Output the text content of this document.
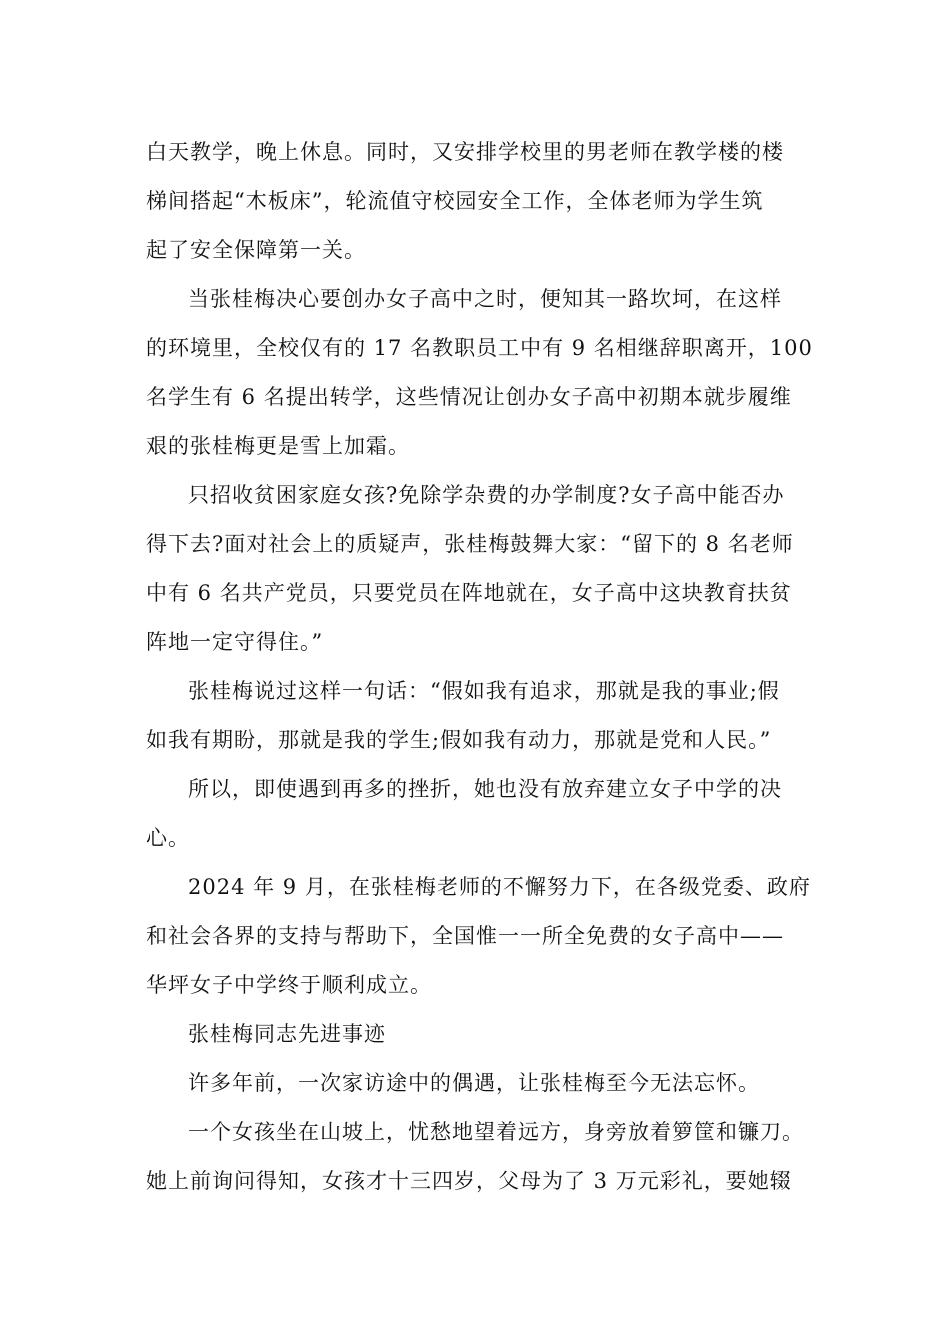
白天教学，晚上休息。同时，又安排学校里的男老师在教学楼的楼
梯间搭起“木板床”，轮流值守校园安全工作，全体老师为学生筑
起了安全保障第一关。

当张桂梅决心要创办女子高中之时，便知其一路坎坷，在这样
的环境里，全校仅有的 17 名教职员工中有 9 名相继辞职离开，100
名学生有 6 名提出转学，这些情况让创办女子高中初期本就步履维
艰的张桂梅更是雪上加霜。

只招收贫困家庭女孩?免除学杂费的办学制度?女子高中能否办
得下去?面对社会上的质疑声，张桂梅鼓舞大家：“留下的 8 名老师
中有 6 名共产党员，只要党员在阵地就在，女子高中这块教育扶贫
阵地一定守得住。”

张桂梅说过这样一句话：“假如我有追求，那就是我的事业;假
如我有期盼，那就是我的学生;假如我有动力，那就是党和人民。”

所以，即使遇到再多的挫折，她也没有放弃建立女子中学的决
心。

2024 年 9 月，在张桂梅老师的不懈努力下，在各级党委、政府
和社会各界的支持与帮助下，全国惟一一所全免费的女子高中——
华坪女子中学终于顺利成立。

张桂梅同志先进事迹

许多年前，一次家访途中的偶遇，让张桂梅至今无法忘怀。

一个女孩坐在山坡上，忧愁地望着远方，身旁放着箩筐和镰刀。
她上前询问得知，女孩才十三四岁，父母为了 3 万元彩礼，要她辍
